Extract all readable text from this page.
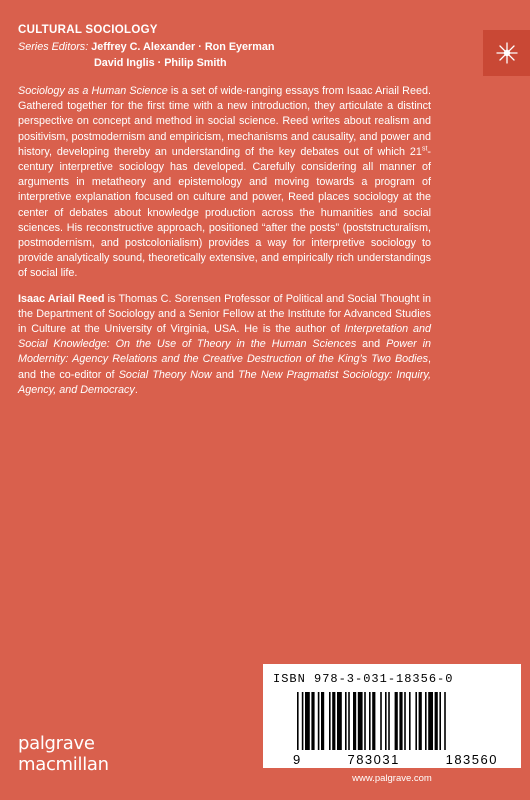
CULTURAL SOCIOLOGY
Series Editors: Jeffrey C. Alexander · Ron Eyerman
David Inglis · Philip Smith

Sociology as a Human Science is a set of wide-ranging essays from Isaac Ariail Reed. Gathered together for the first time with a new introduction, they articulate a distinct perspective on concept and method in social science. Reed writes about realism and positivism, postmodernism and empiricism, mechanisms and causality, and power and history, developing thereby an understanding of the key debates out of which 21st-century interpretive sociology has developed. Carefully considering all manner of arguments in metatheory and epistemology and moving towards a program of interpretive explanation focused on culture and power, Reed places sociology at the center of debates about knowledge production across the humanities and social sciences. His reconstructive approach, positioned “after the posts” (poststructuralism, postmodernism, and postcolonialism) provides a way for interpretive sociology to provide analytically sound, theoretically extensive, and empirically rich understandings of social life.

Isaac Ariail Reed is Thomas C. Sorensen Professor of Political and Social Thought in the Department of Sociology and a Senior Fellow at the Institute for Advanced Studies in Culture at the University of Virginia, USA. He is the author of Interpretation and Social Knowledge: On the Use of Theory in the Human Sciences and Power in Modernity: Agency Relations and the Creative Destruction of the King’s Two Bodies, and the co-editor of Social Theory Now and The New Pragmatist Sociology: Inquiry, Agency, and Democracy.

palgrave
macmillan
ISBN 978-3-031-18356-0
9	783031	183560
www.palgrave.com
